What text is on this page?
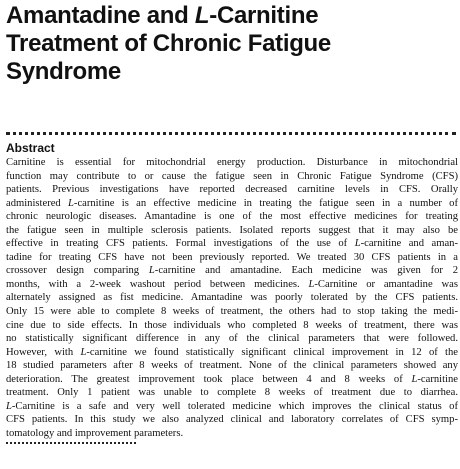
Amantadine and L-Carnitine
Treatment of Chronic Fatigue
Syndrome
Abstract
Carnitine is essential for mitochondrial energy production. Disturbance in mitochondrial
function may contribute to or cause the fatigue seen in Chronic Fatigue Syndrome (CFS)
patients. Previous investigations have reported decreased carnitine levels in CFS. Orally
administered L-carnitine is an effective medicine in treating the fatigue seen in a number of
chronic neurologic diseases. Amantadine is one of the most effective medicines for treating
the fatigue seen in multiple sclerosis patients. Isolated reports suggest that it may also be
effective in treating CFS patients. Formal investigations of the use of L-carnitine and aman-
tadine for treating CFS have not been previously reported. We treated 30 CFS patients in a
crossover design comparing L-carnitine and amantadine. Each medicine was given for 2
months, with a 2-week washout period between medicines. L-Carnitine or amantadine was
alternately assigned as fist medicine. Amantadine was poorly tolerated by the CFS patients.
Only 15 were able to complete 8 weeks of treatment, the others had to stop taking the medi-
cine due to side effects. In those individuals who completed 8 weeks of treatment, there was
no statistically significant difference in any of the clinical parameters that were followed.
However, with L-carnitine we found statistically significant clinical improvement in 12 of the
18 studied parameters after 8 weeks of treatment. None of the clinical parameters showed any
deterioration. The greatest improvement took place between 4 and 8 weeks of L-carnitine
treatment. Only 1 patient was unable to complete 8 weeks of treatment due to diarrhea.
L-Carnitine is a safe and very well tolerated medicine which improves the clinical status of
CFS patients. In this study we also analyzed clinical and laboratory correlates of CFS symp-
tomatology and improvement parameters.
